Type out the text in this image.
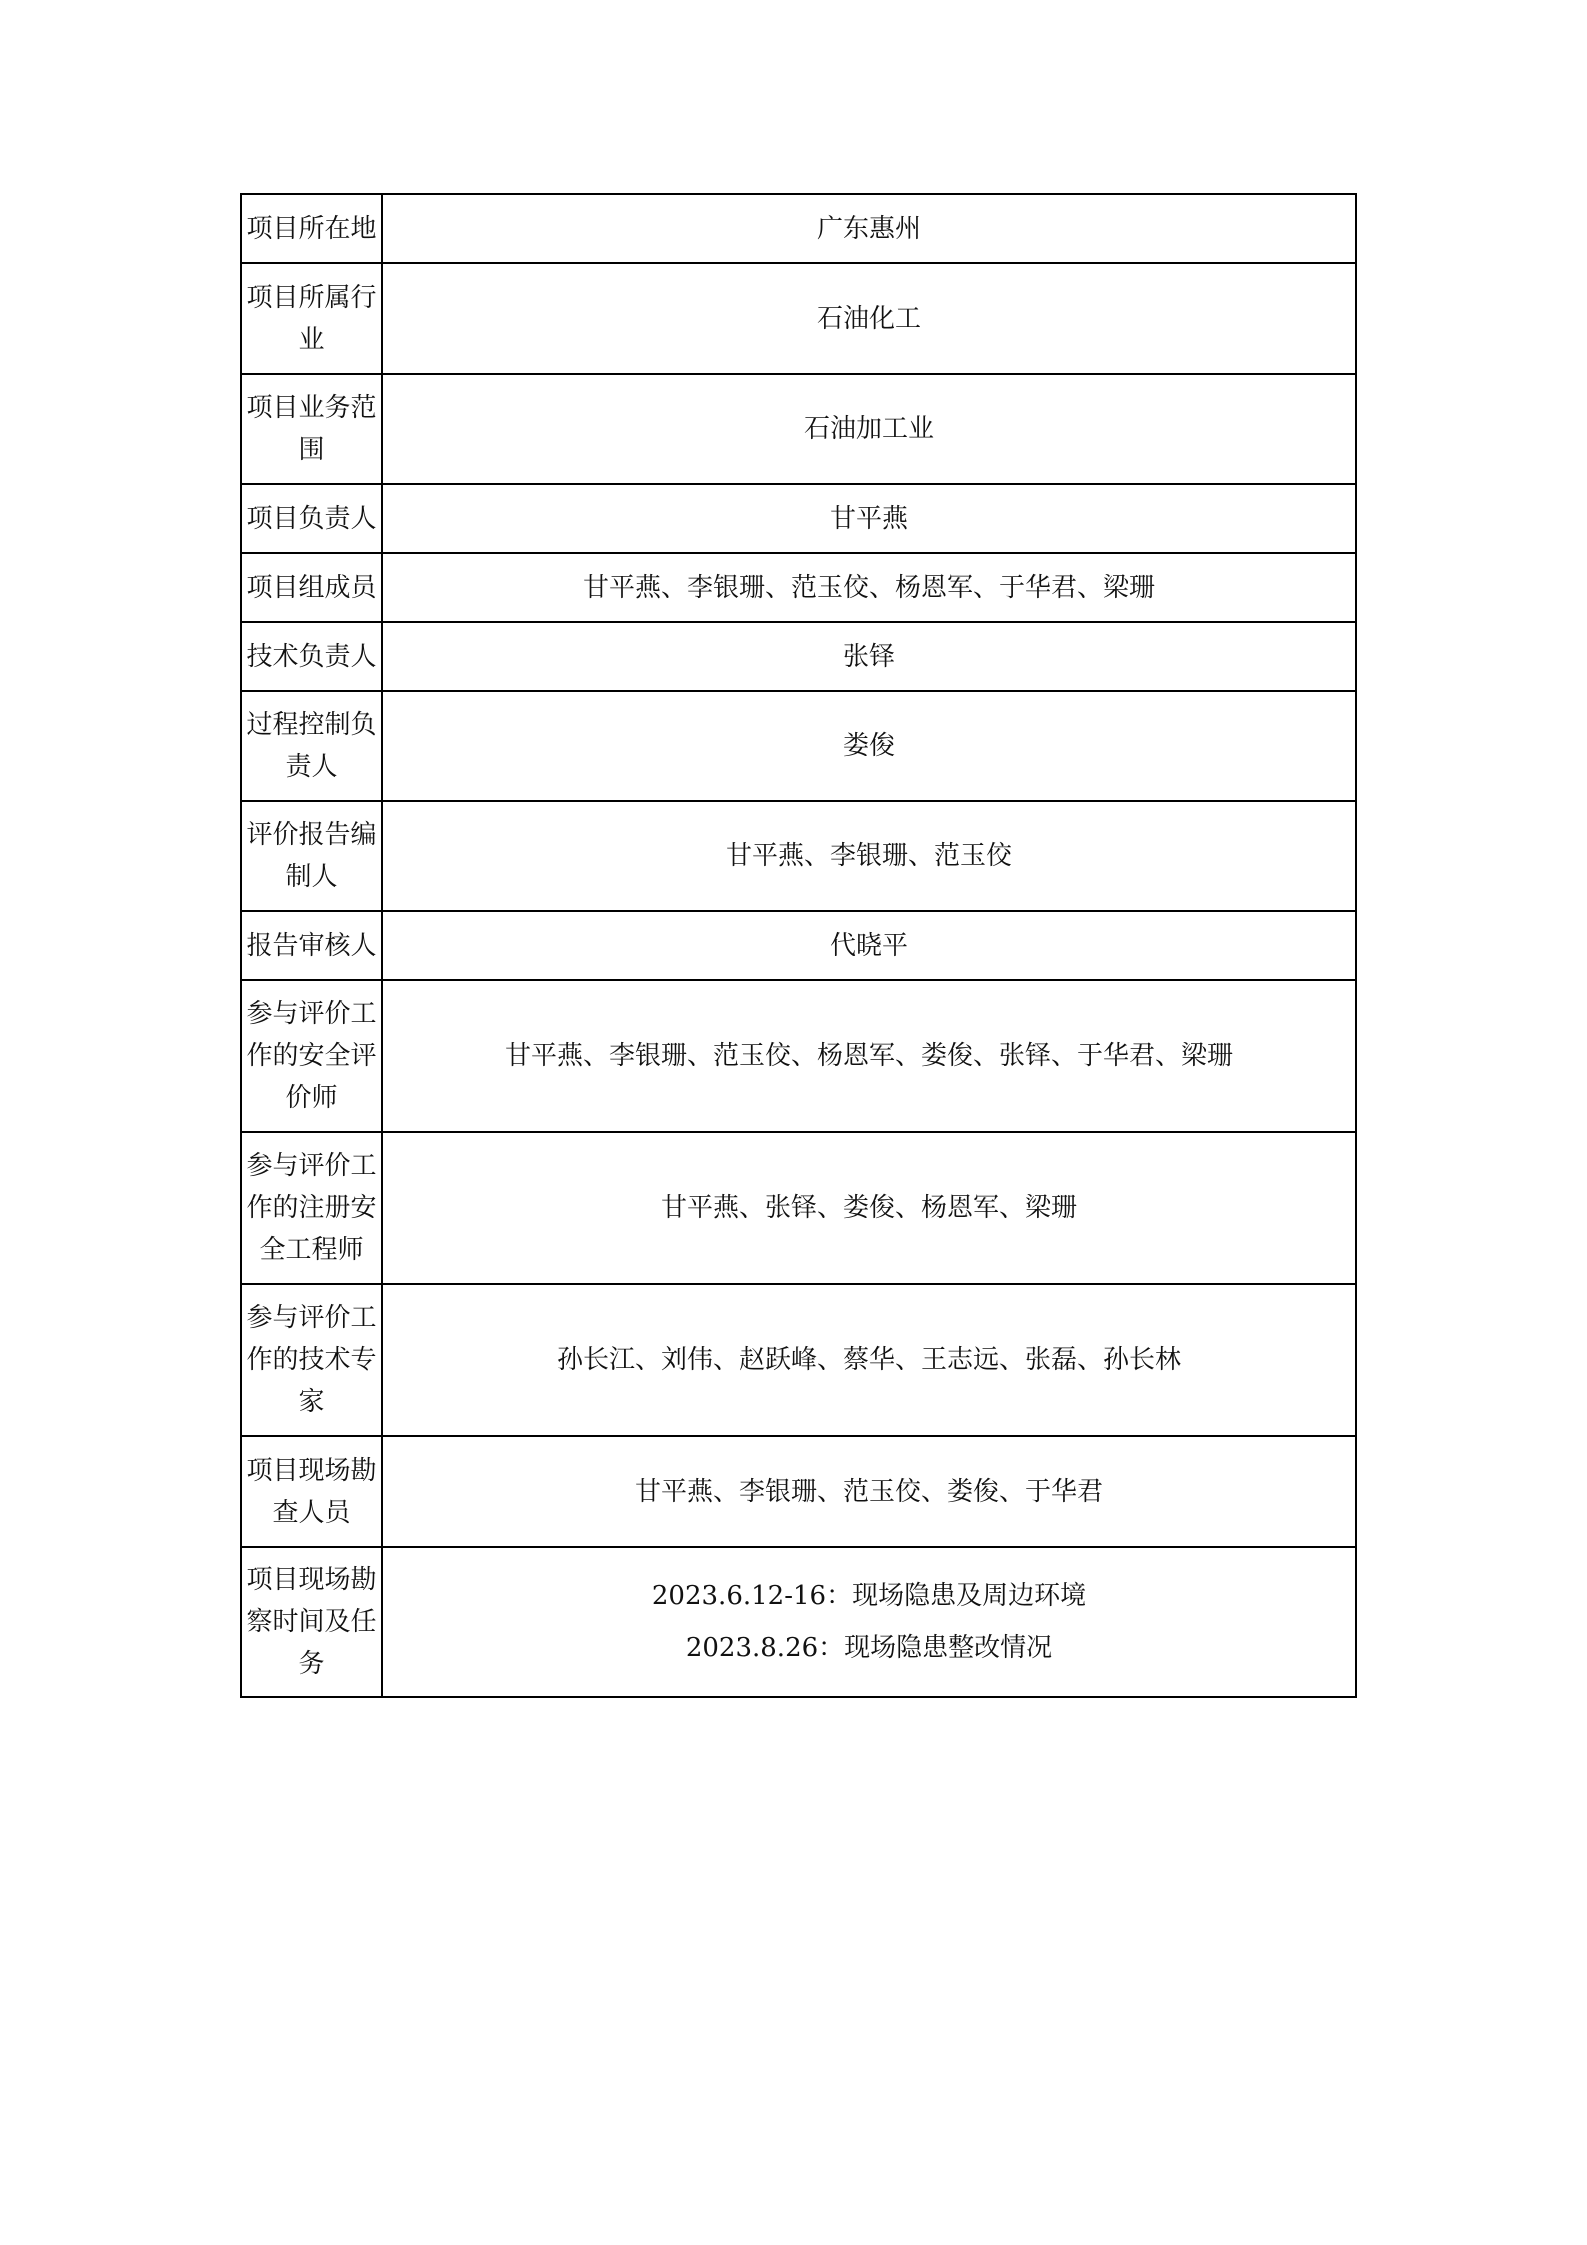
项目所在地	广东惠州
项目所属行业	石油化工
项目业务范围	石油加工业
项目负责人	甘平燕
项目组成员	甘平燕、李银珊、范玉佼、杨恩军、于华君、梁珊
技术负责人	张铎
过程控制负责人	娄俊
评价报告编制人	甘平燕、李银珊、范玉佼
报告审核人	代晓平
参与评价工作的安全评价师	甘平燕、李银珊、范玉佼、杨恩军、娄俊、张铎、于华君、梁珊
参与评价工作的注册安全工程师	甘平燕、张铎、娄俊、杨恩军、梁珊
参与评价工作的技术专家	孙长江、刘伟、赵跃峰、蔡华、王志远、张磊、孙长林
项目现场勘查人员	甘平燕、李银珊、范玉佼、娄俊、于华君
项目现场勘察时间及任务	2023.6.12-16：现场隐患及周边环境
2023.8.26：现场隐患整改情况
